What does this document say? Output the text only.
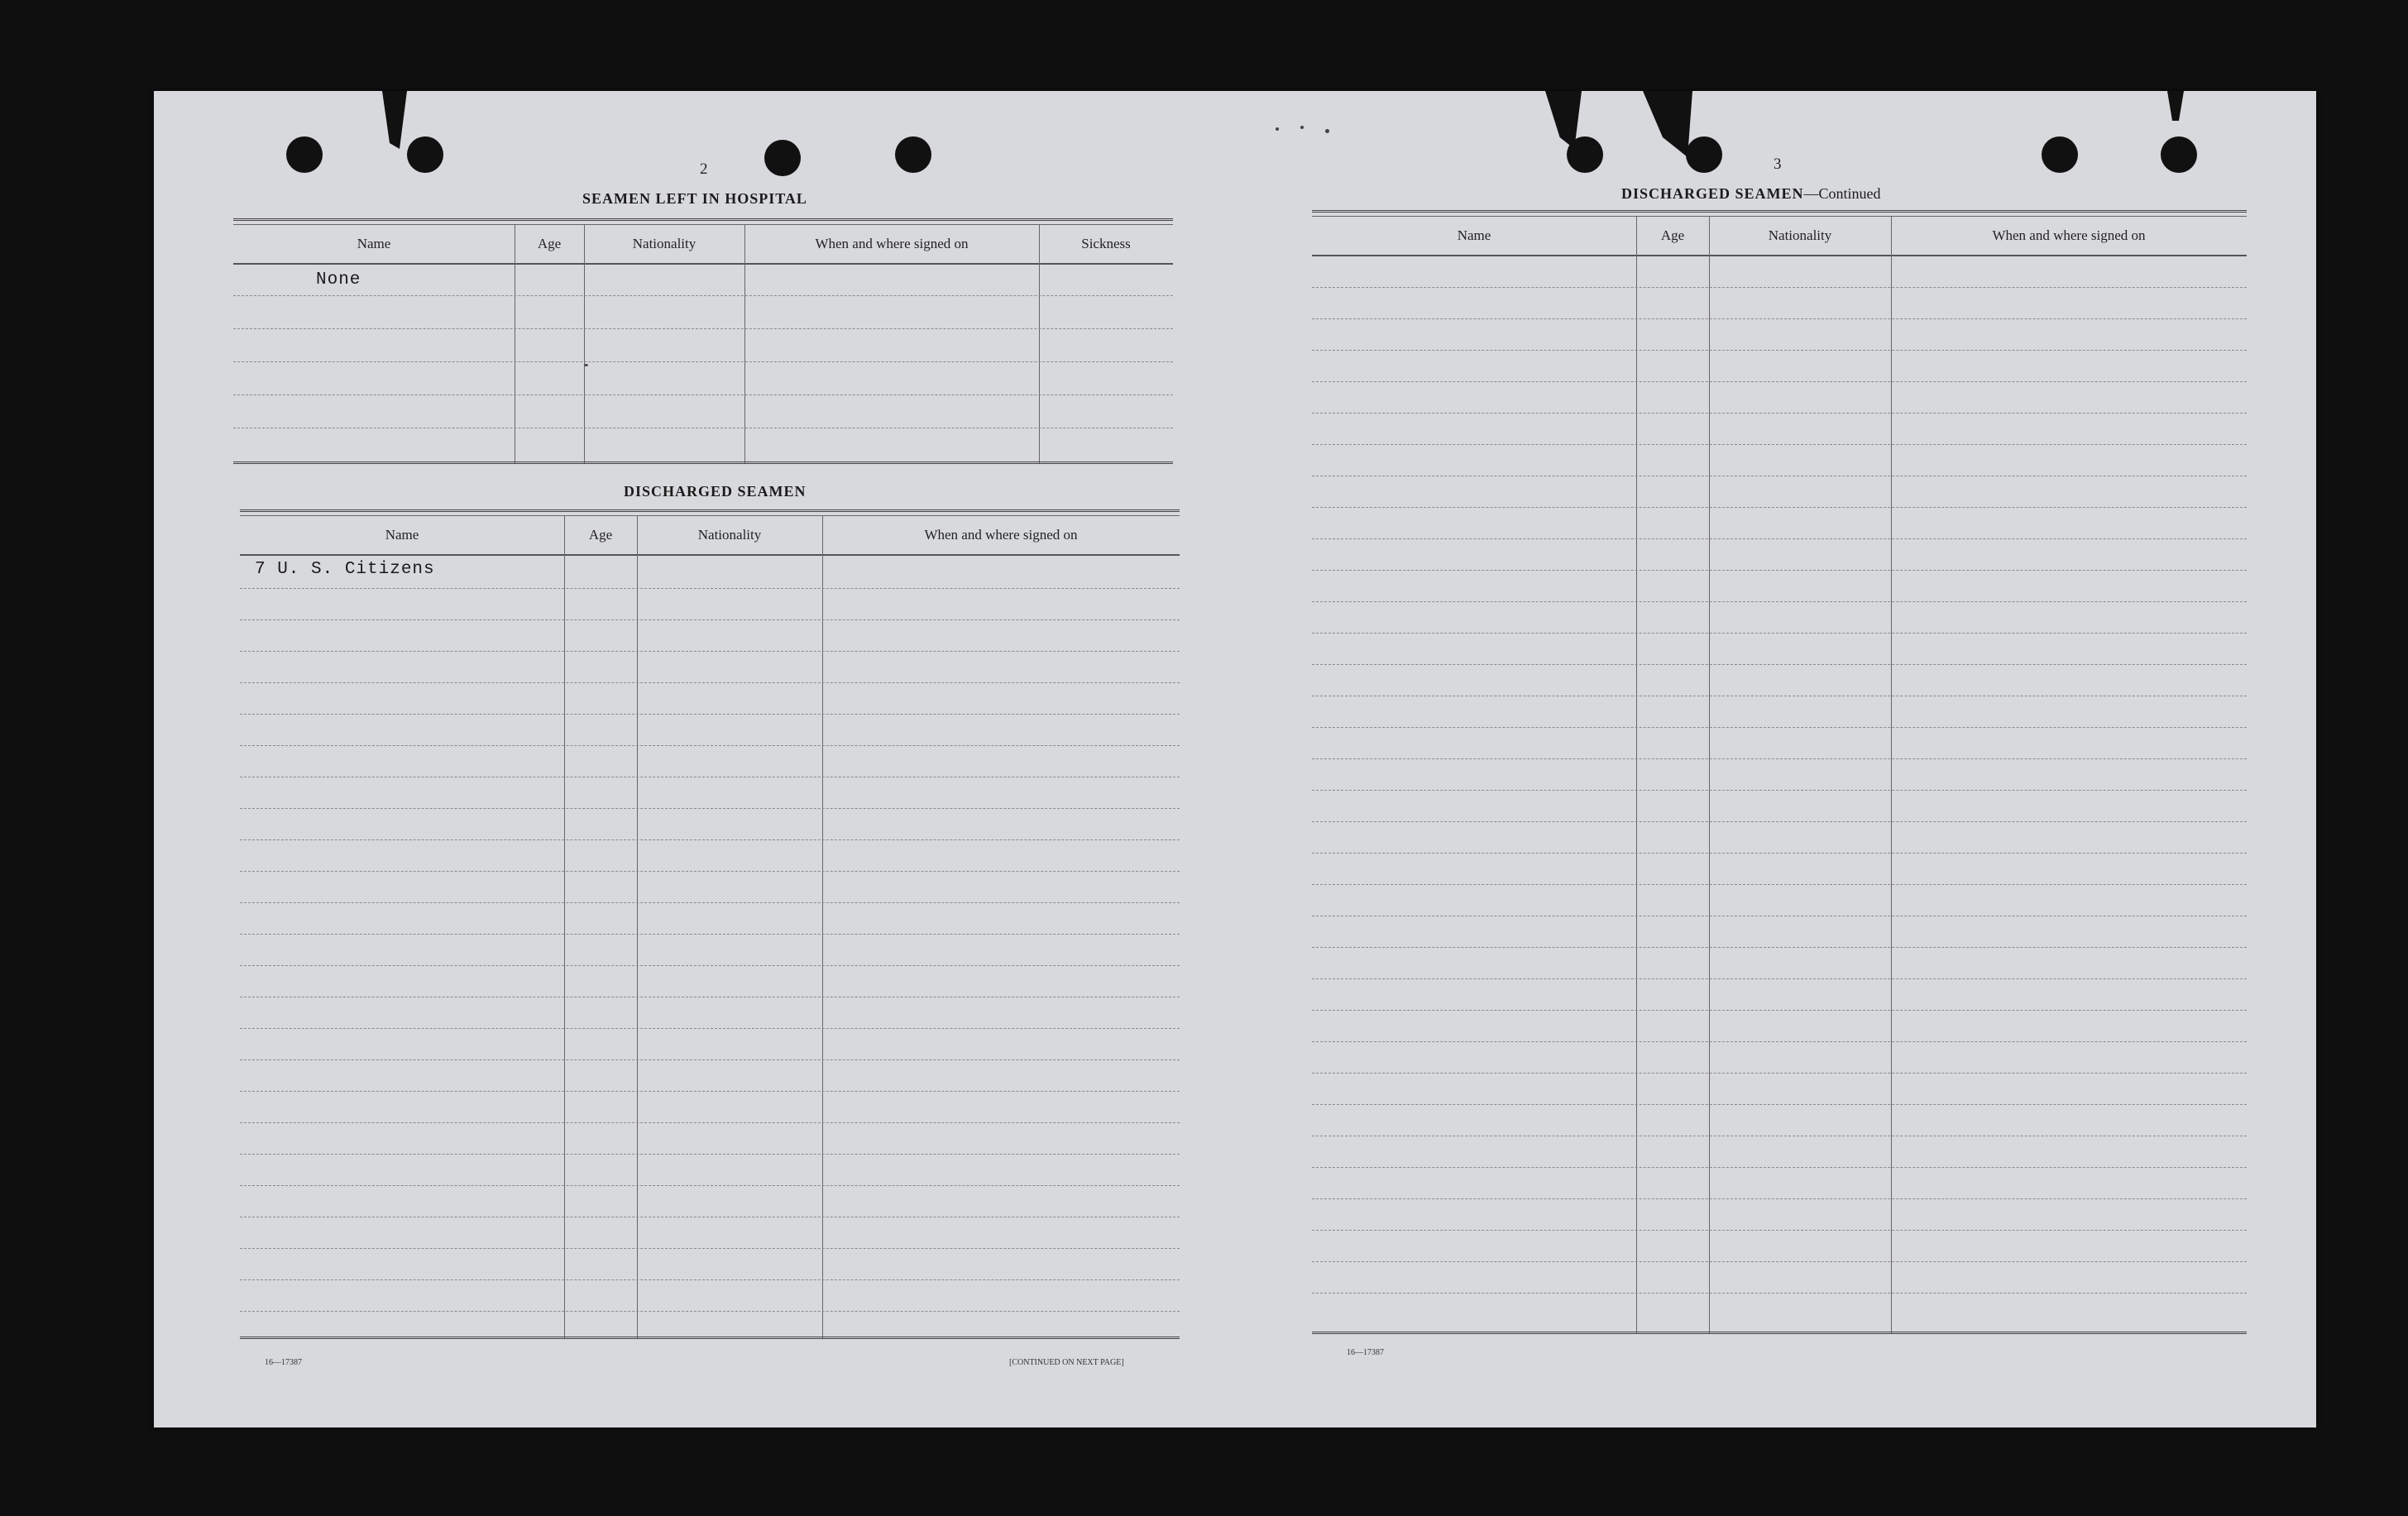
2
SEAMEN LEFT IN HOSPITAL
Name	Age	Nationality	When and where signed on	Sickness
None
DISCHARGED SEAMEN
Name	Age	Nationality	When and where signed on
7 U. S. Citizens
16—17387	[CONTINUED ON NEXT PAGE]
3
DISCHARGED SEAMEN—Continued
Name	Age	Nationality	When and where signed on
16—17387
